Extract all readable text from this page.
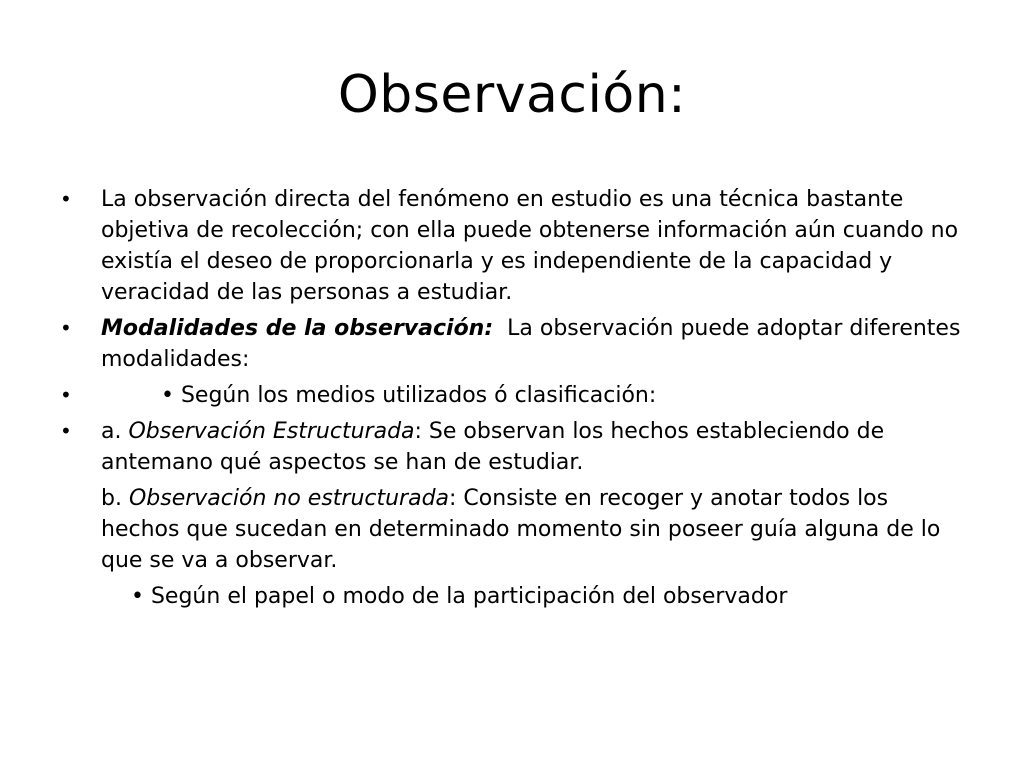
Observación:

•	La observación directa del fenómeno en estudio es una técnica bastante objetiva de recolección; con ella puede obtenerse información aún cuando no existía el deseo de proporcionarla y es independiente de la capacidad y veracidad de las personas a estudiar.

•	Modalidades de la observación:  La observación puede adoptar diferentes modalidades:

•	• Según los medios utilizados ó clasificación:

•	a. Observación Estructurada: Se observan los hechos estableciendo de antemano qué aspectos se han de estudiar.

b. Observación no estructurada: Consiste en recoger y anotar todos los hechos que sucedan en determinado momento sin poseer guía alguna de lo que se va a observar.

• Según el papel o modo de la participación del observador
